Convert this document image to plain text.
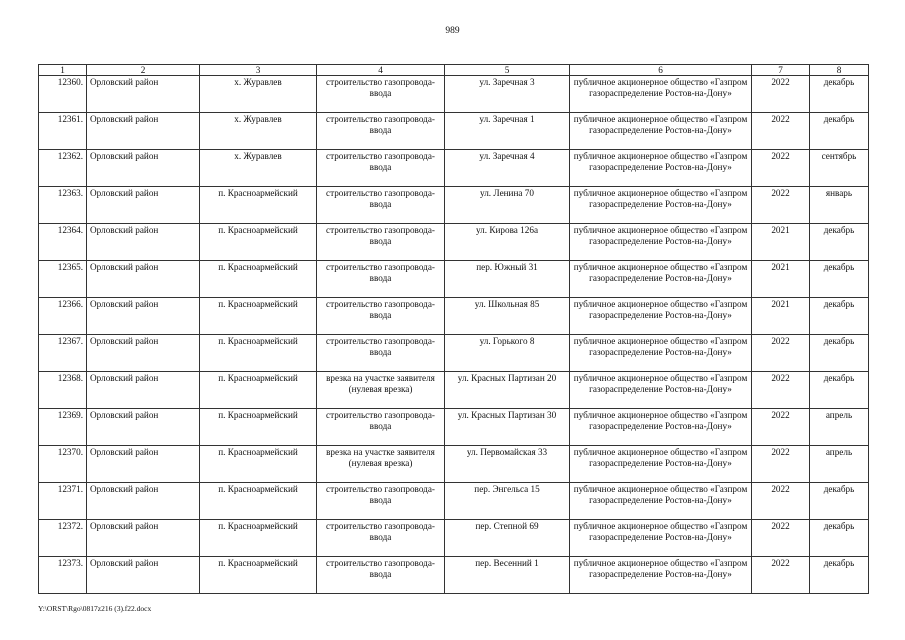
989
1	2	3	4	5	6	7	8
12360.	Орловский район	х. Журавлев	строительство газопровода-ввода	ул. Заречная 3	публичное акционерное общество «Газпром газораспределение Ростов-на-Дону»	2022	декабрь
12361.	Орловский район	х. Журавлев	строительство газопровода-ввода	ул. Заречная 1	публичное акционерное общество «Газпром газораспределение Ростов-на-Дону»	2022	декабрь
12362.	Орловский район	х. Журавлев	строительство газопровода-ввода	ул. Заречная 4	публичное акционерное общество «Газпром газораспределение Ростов-на-Дону»	2022	сентябрь
12363.	Орловский район	п. Красноармейский	строительство газопровода-ввода	ул. Ленина 70	публичное акционерное общество «Газпром газораспределение Ростов-на-Дону»	2022	январь
12364.	Орловский район	п. Красноармейский	строительство газопровода-ввода	ул. Кирова 126а	публичное акционерное общество «Газпром газораспределение Ростов-на-Дону»	2021	декабрь
12365.	Орловский район	п. Красноармейский	строительство газопровода-ввода	пер. Южный 31	публичное акционерное общество «Газпром газораспределение Ростов-на-Дону»	2021	декабрь
12366.	Орловский район	п. Красноармейский	строительство газопровода-ввода	ул. Школьная 85	публичное акционерное общество «Газпром газораспределение Ростов-на-Дону»	2021	декабрь
12367.	Орловский район	п. Красноармейский	строительство газопровода-ввода	ул. Горького 8	публичное акционерное общество «Газпром газораспределение Ростов-на-Дону»	2022	декабрь
12368.	Орловский район	п. Красноармейский	врезка на участке заявителя (нулевая врезка)	ул. Красных Партизан 20	публичное акционерное общество «Газпром газораспределение Ростов-на-Дону»	2022	декабрь
12369.	Орловский район	п. Красноармейский	строительство газопровода-ввода	ул. Красных Партизан 30	публичное акционерное общество «Газпром газораспределение Ростов-на-Дону»	2022	апрель
12370.	Орловский район	п. Красноармейский	врезка на участке заявителя (нулевая врезка)	ул. Первомайская 33	публичное акционерное общество «Газпром газораспределение Ростов-на-Дону»	2022	апрель
12371.	Орловский район	п. Красноармейский	строительство газопровода-ввода	пер. Энгельса 15	публичное акционерное общество «Газпром газораспределение Ростов-на-Дону»	2022	декабрь
12372.	Орловский район	п. Красноармейский	строительство газопровода-ввода	пер. Степной 69	публичное акционерное общество «Газпром газораспределение Ростов-на-Дону»	2022	декабрь
12373.	Орловский район	п. Красноармейский	строительство газопровода-ввода	пер. Весенний 1	публичное акционерное общество «Газпром газораспределение Ростов-на-Дону»	2022	декабрь
Y:\ORST\Rgo\0817z216 (3).f22.docx
